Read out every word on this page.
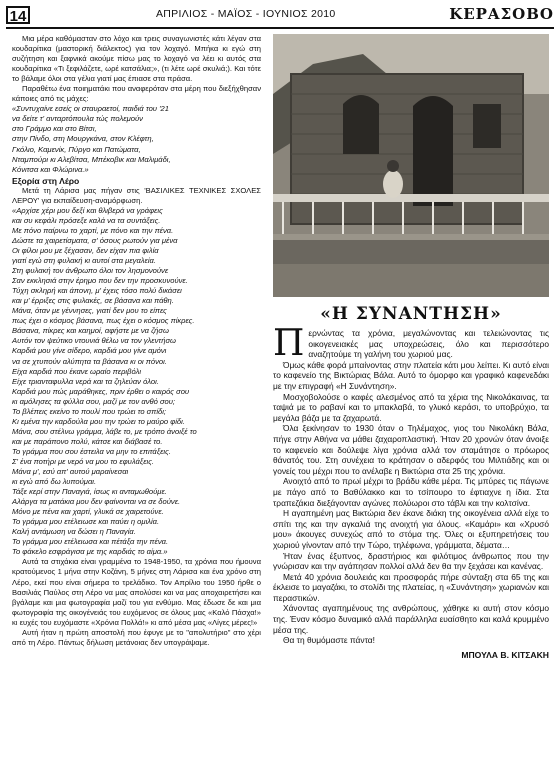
14	ΑΠΡΙΛΙΟΣ - ΜΑΪΟΣ - ΙΟΥΝΙΟΣ 2010	ΚΕΡΑΣΟΒΟ

Μια μέρα καθόμασταν στο λόχο και τρεις συναγωνιστές κάτι λέγαν στα κουδαρίτικα (μαστορική διάλεκτος) για τον λοχαγό. Μπήκα κι εγώ στη συζήτηση και ξαφνικά ακούμε πίσω μας το λοχαγό να λέει κι αυτός στα κουδαρίτικα «Τι ξεφιλάζετε, ωρέ κατσάλια;», (τι λέτε ωρέ σκυλιά;). Και τότε το βάλαμε όλοι στα γέλια γιατί μας έπιασε στα πράσα.

Παραθέτω ένα ποιηματάκι που αναφερόταν στα μέρη που διεξήχθησαν κάποιες από τις μάχες:

«Συντυχαίνε εσείς οι σταυραετοί, παιδιά του '21
να δείτε τ' ανταρτόπουλα τώς πολεμούν
στο Γράμμο και στο Βίτσι,
στην Πίνδο, στη Μουργκάνα, στον Κλέφτη,
Γκόλιο, Καμενίκ, Πύργο και Πατώματα,
Νταμπούρι κι Αλεβίτσα, Μπέκοβικ και Μαλιμάδι,
Κόνιτσα και Φλώρινα.»
Εξορία στη Λέρο

Μετά τη Λάρισα μας πήγαν στις 'ΒΑΣΙΛΙΚΕΣ ΤΕΧΝΙΚΕΣ ΣΧΟΛΕΣ ΛΕΡΟΥ' για εκπαίδευση-αναμόρφωση.

«Αρχίσε χέρι μου δεξί και θλιβερά να γράφεις
και συ κεφάλι πρόσεξε καλά να τα συντάξεις.
Με πόνο παίρνω το χαρτί, με πόνο και την πένα.
Δώστε τα χαιρετίσματα, σ' όσους ρωτούν για μένα
Οι φίλοι μου με ξέχασαν, δεν είχαν πια φιλία
γιατί εγώ στη φυλακή κι αυτοί στα μεγαλεία.
Στη φυλακή τον άνθρωπο όλοι τον λησμονούνε
Σαν εκκλησιά στην έρημο που δεν την προσκυνούνε.
Τύχη σκληρή και άπονη, μ' έχεις τόσο πολύ δικάσει
και μ' έρριξες στις φυλακές, σε βάσανα και πάθη.
Μάνα, όταν με γέννησες, γιατί δεν μου το είπες
πως έχει ο κόσμος βάσανα, πως έχει ο κόσμος πίκρες.
Βάσανα, πίκρες και καημοί, αφήστε με να ζήσω
Αυτόν τον ψεύτικο ντουνιά θέλω να τον γλεντήσω
Καρδιά μου γίνε σίδερο, καρδιά μου γίνε αμόνι
να σε χτυπούν αλύπητα τα βάσανα κι οι πόνοι.
Είχα καρδιά που έκανε ωραίο περιβόλι
Είχε τριανταφυλλα νερά και τα ζηλεύαν όλοι.
Καρδιά μου πώς μαράθηκες, πριν έρθει ο καιρός σου
κι αμόλησες τα φύλλα σου, μαζί με τον ανθό σου;
Το βλέπεις εκείνο το πουλί που τρώει το σπίδι;
Κι εμένα την καρδούλα μου την τρώει το μαύρο φίδι.
Μάνα, σου στέλνω γράμμα, λάβε το, με τρόπο άνοιξέ το
και με παράπονο πολύ, κάτσε και διάβασέ το.
Το γράμμα που σου έστειλα να μην το επιτάξεις.
Σ' ένα ποτήρι με νερό να μου το εφυλάξεις.
Μάνα μ', εσύ απ' αυτού μαραίνεσαι
κι εγώ από δω λυπούμαι.
Τάξε κερί στην Παναγιά, ίσως κι ανταμωθούμε.
Αλάργα τα ματάκια μου δεν φαίνονται να σε δούνε.
Μόνο με πένα και χαρτί, γλυκά σε χαιρετούνε.
Το γράμμα μου ετέλειωσε και παύει η ομιλία.
Καλή αντάμωση να δώσει η Παναγία.
Το γράμμα μου ετέλειωσα και πέτάξα την πένα.
Το φάκελο εσφράγισα με της καρδιάς το αίμα.»

Αυτά τα στιχάκια είναι γραμμένα το 1948-1950, τα χρόνια που ήμουνα κρατούμενος 1 μήνα στην Κοζάνη, 5 μήνες στη Λάρισα και ένα χρόνο στη Λέρο, εκεί που είναι σήμερα το τρελάδικο. Τον Απρίλιο του 1950 ήρθε ο Βασιλιάς Παύλος στη Λέρο να μας απολύσει και να μας αποχαιρετήσει και βγάλαμε και μια φωτογραφία μαζί του για ενθύμιο. Μας έδωσε δε και μια φωτογραφία της οικογένειάς του ευχόμενος σε όλους μας «Καλό Πάσχα!» κι ευχές του ευχόμαστε «Χρόνια Πολλά!» κι από μέσα μας «Λίγες μέρες!»

Αυτή ήταν η πρώτη αποστολή που έφυγε με το "απολυτήριο" στο χέρι από τη Λέρο. Πάντως δήλωση μετάνοιας δεν υπογράψαμε.

«Η ΣΥΝΑΝΤΗΣΗ»

Περνώντας τα χρόνια, μεγαλώνοντας και τελειώνοντας τις οικογενειακές μας υποχρεώσεις, όλο και περισσότερο αναζητούμε τη γαλήνη του χωριού μας.

Όμως κάθε φορά μπαίνοντας στην πλατεία κάτι μου λείπει. Κι αυτό είναι το καφενείο της Βικτώριας Βάλα. Αυτό το όμορφο και γραφικό καφενεδάκι με την επιγραφή «Η Συνάντηση».

Μοσχοβολούσε ο καφές αλεσμένος από τα χέρια της Νικολάκαινας, τα ταψιά με το ραβανί και το μπακλαβά, το γλυκό κεράσι, το υποβρύχιο, τα μεγάλα βάζα με τα ζαχαρωτά.

Όλα ξεκίνησαν το 1930 όταν ο Τηλέμαχος, γιος του Νικολάκη Βάλα, πήγε στην Αθήνα να μάθει ζαχαροπλαστική. Ήταν 20 χρονών όταν άνοιξε το καφενείο και δούλεψε λίγα χρόνια αλλά τον σταμάτησε ο πρόωρος θάνατός του. Στη συνέχεια το κράτησαν ο αδερφός του Μιλτιάδης και οι γονείς του μέχρι που το ανέλαβε η Βικτώρια στα 25 της χρόνια.

Ανοιχτό από το πρωί μέχρι το βράδυ κάθε μέρα. Τις μπύρες τις πάγωνε με πάγο από το Βαθύλακκο και το τσίπουρο το έφτιαχνε η ίδια. Στα τραπεζάκια διεξάγονταν αγώνες πολύωροι στο τάβλι και την κολτσίνα.

Η αγαπημένη μας Βικτώρια δεν έκανε διάκη της οικογένεια αλλά είχε το σπίτι της και την αγκαλιά της ανοιχτή για όλους. «Καμάρι» και «Χρυσό μου» άκουγες συνεχώς από το στόμα της. Όλες οι εξυπηρετήσεις του χωριού γίνονταν από την Τώρο, τηλέφωνα, γράμματα, δέματα…

Ήταν ένας έξυπνος, δραστήριος και φιλότιμος άνθρωπος που την γνώρισαν και την αγάπησαν πολλοί αλλά δεν θα την ξεχάσει και κανένας.

Μετά 40 χρόνια δουλειάς και προσφοράς πήρε σύνταξη στα 65 της και έκλεισε το μαγαζάκι, το στολίδι της πλατείας, η «Συνάντηση» χωριανών και περαστικών.

Χάνοντας αγαπημένους της ανθρώπους, χάθηκε κι αυτή στον κόσμο της. Έναν κόσμο δυναμικό αλλά παράλληλα ευαίσθητο και καλά κρυμμένο μέσα της.

Θα τη θυμόμαστε πάντα!

ΜΠΟΥΛΑ Β. ΚΙΤΣΑΚΗ
